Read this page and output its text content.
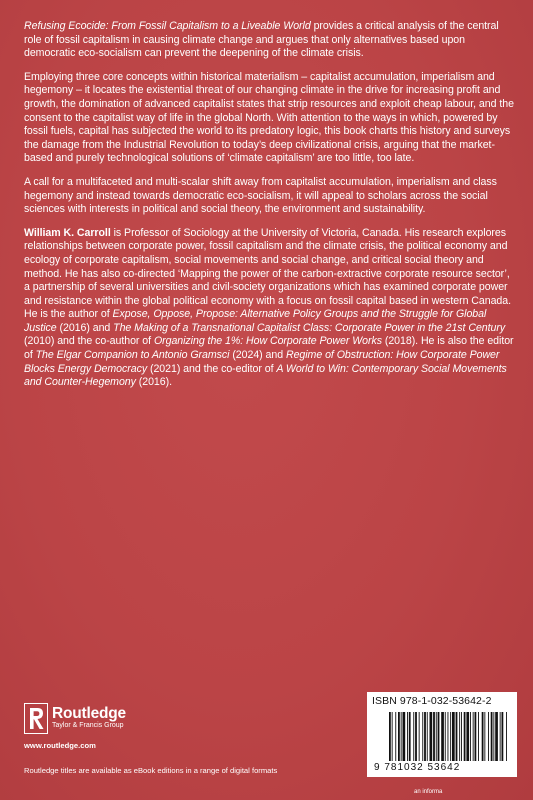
Refusing Ecocide: From Fossil Capitalism to a Liveable World provides a critical analysis of the central role of fossil capitalism in causing climate change and argues that only alternatives based upon democratic eco-socialism can prevent the deepening of the climate crisis.

Employing three core concepts within historical materialism – capitalist accumulation, imperialism and hegemony – it locates the existential threat of our changing climate in the drive for increasing profit and growth, the domination of advanced capitalist states that strip resources and exploit cheap labour, and the consent to the capitalist way of life in the global North. With attention to the ways in which, powered by fossil fuels, capital has subjected the world to its predatory logic, this book charts this history and surveys the damage from the Industrial Revolution to today’s deep civilizational crisis, arguing that the market-based and purely technological solutions of ‘climate capitalism’ are too little, too late.

A call for a multifaceted and multi-scalar shift away from capitalist accumulation, imperialism and class hegemony and instead towards democratic eco-socialism, it will appeal to scholars across the social sciences with interests in political and social theory, the environment and sustainability.

William K. Carroll is Professor of Sociology at the University of Victoria, Canada. His research explores relationships between corporate power, fossil capitalism and the climate crisis, the political economy and ecology of corporate capitalism, social movements and social change, and critical social theory and method. He has also co-directed ‘Mapping the power of the carbon-extractive corporate resource sector’, a partnership of several universities and civil-society organizations which has examined corporate power and resistance within the global political economy with a focus on fossil capital based in western Canada. He is the author of Expose, Oppose, Propose: Alternative Policy Groups and the Struggle for Global Justice (2016) and The Making of a Transnational Capitalist Class: Corporate Power in the 21st Century (2010) and the co-author of Organizing the 1%: How Corporate Power Works (2018). He is also the editor of The Elgar Companion to Antonio Gramsci (2024) and Regime of Obstruction: How Corporate Power Blocks Energy Democracy (2021) and the co-editor of A World to Win: Contemporary Social Movements and Counter-Hegemony (2016).

Routledge
Taylor & Francis Group
www.routledge.com
Routledge titles are available as eBook editions in a range of digital formats
ISBN 978-1-032-53642-2
9 781032 53642
an informa
